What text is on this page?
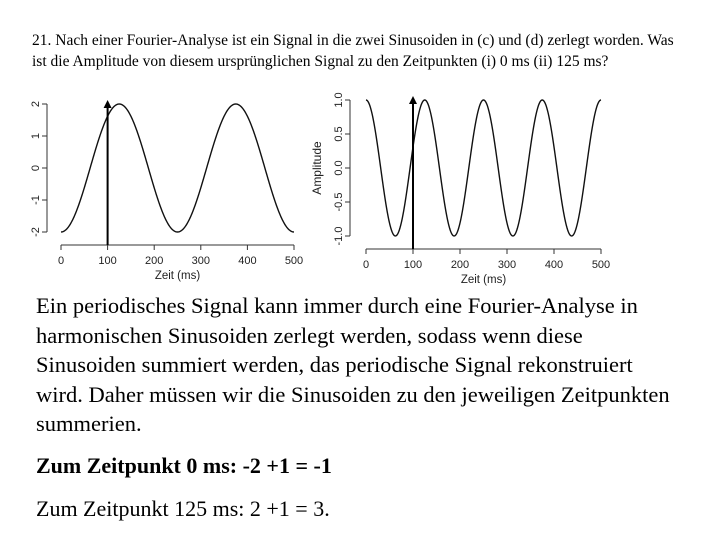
21. Nach einer Fourier-Analyse ist ein Signal in die zwei Sinusoiden in (c) und (d) zerlegt worden. Was ist die Amplitude von diesem ursprünglichen Signal zu den Zeitpunkten (i) 0 ms (ii) 125 ms?

-2
-1
0
1
2
0	100	200	300	400	500
Zeit (ms)
-1.0
-0.5
0.0
0.5
1.0
0	100	200	300	400	500
Zeit (ms)
Amplitude

Ein periodisches Signal kann immer durch eine Fourier-Analyse in harmonischen Sinusoiden zerlegt werden, sodass wenn diese Sinusoiden summiert werden, das periodische Signal rekonstruiert wird. Daher müssen wir die Sinusoiden zu den jeweiligen Zeitpunkten summerien.

Zum Zeitpunkt 0 ms: -2 +1 = -1

Zum Zeitpunkt 125 ms: 2 +1 = 3.
